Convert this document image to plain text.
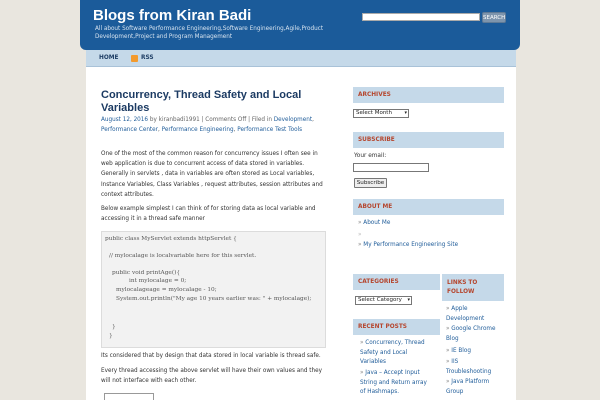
Blogs from Kiran Badi
All about Software Performance Engineering,Software Engineering,Agile,Product Development,Project and Program Management
SEARCH
HOME	RSS
Concurrency, Thread Safety and Local Variables
August 12, 2016 by kiranbadi1991 | Comments Off | Filed in Development, Performance Center, Performance Engineering, Performance Test Tools
One of the most of the common reason for concurrency issues I often see in web application is due to concurrent access of data stored in variables. Generally in servlets , data in variables are often stored as Local variables, Instance Variables, Class Variables , request attributes, session attributes and context attributes.
Below example simplest I can think of for storing data as local variable and accessing it in a thread safe manner
public class MyServlet extends httpServlet {
// mylocalage is localvariable here for this servlet.
public void printAge(){
int mylocalage = 0;
mylocalageage = mylocalage - 10;
System.out.println("My age 10 years earlier was: " + mylocalage);
}
}
Its considered that by design that data stored in local variable is thread safe.
Every thread accessing the above servlet will have their own values and they will not interface with each other.
ARCHIVES
Select Month	▾
SUBSCRIBE
Your email:
Subscribe
ABOUT ME
» About Me
»
» My Performance Engineering Site
CATEGORIES
Select Category ▾
RECENT POSTS
» Concurrency, Thread Safety and Local Variables
» Java – Accept Input String and Return array of Hashmaps.
LINKS TO FOLLOW
» Apple Development
» Google Chrome Blog
» IE Blog
» IIS Troubleshooting
» Java Platform Group
